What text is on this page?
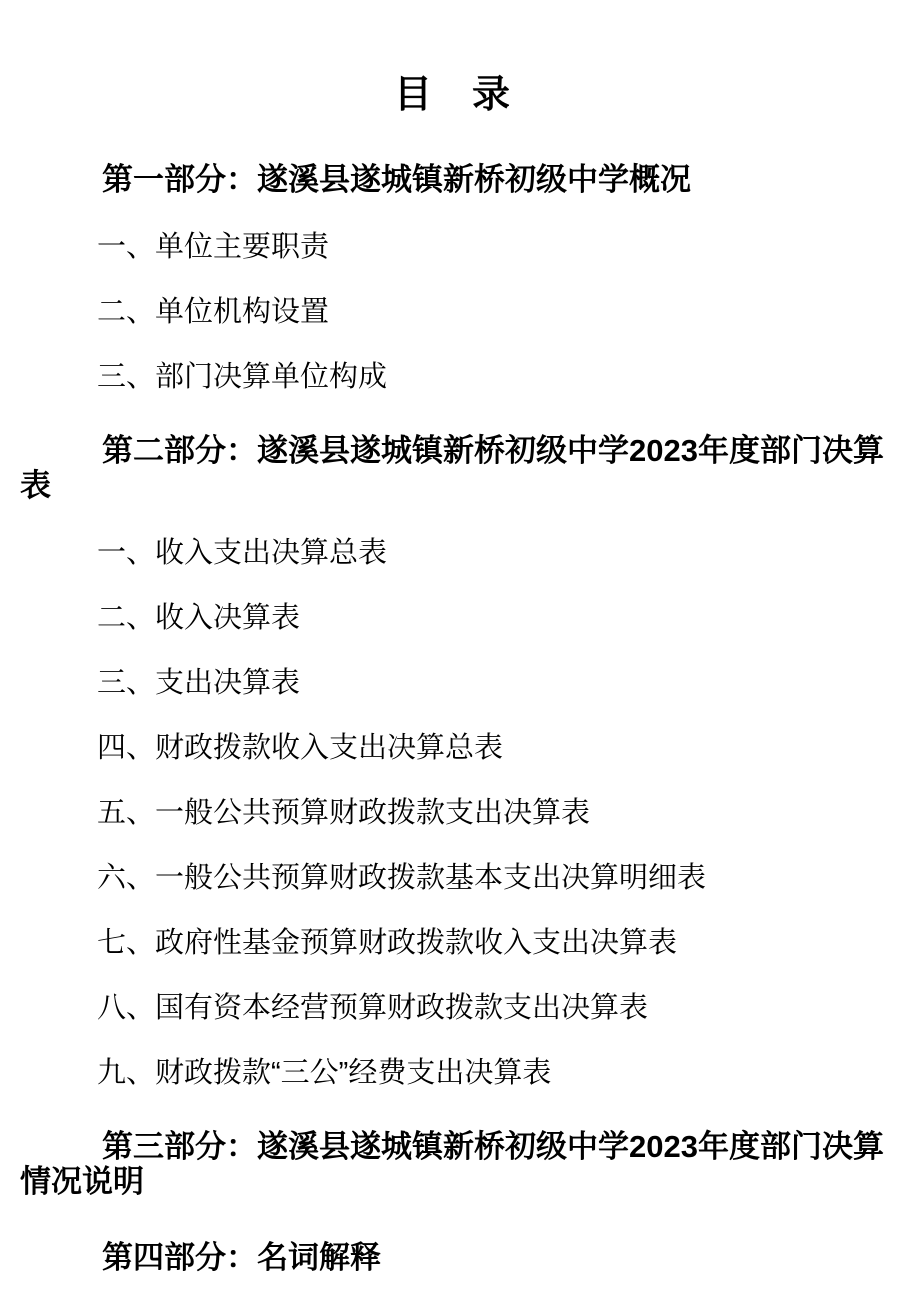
目　录
第一部分：遂溪县遂城镇新桥初级中学概况

一、单位主要职责

二、单位机构设置

三、部门决算单位构成

第二部分：遂溪县遂城镇新桥初级中学2023年度部门决算表

一、收入支出决算总表

二、收入决算表

三、支出决算表

四、财政拨款收入支出决算总表

五、一般公共预算财政拨款支出决算表

六、一般公共预算财政拨款基本支出决算明细表

七、政府性基金预算财政拨款收入支出决算表

八、国有资本经营预算财政拨款支出决算表

九、财政拨款“三公”经费支出决算表

第三部分：遂溪县遂城镇新桥初级中学2023年度部门决算情况说明
第四部分：名词解释
